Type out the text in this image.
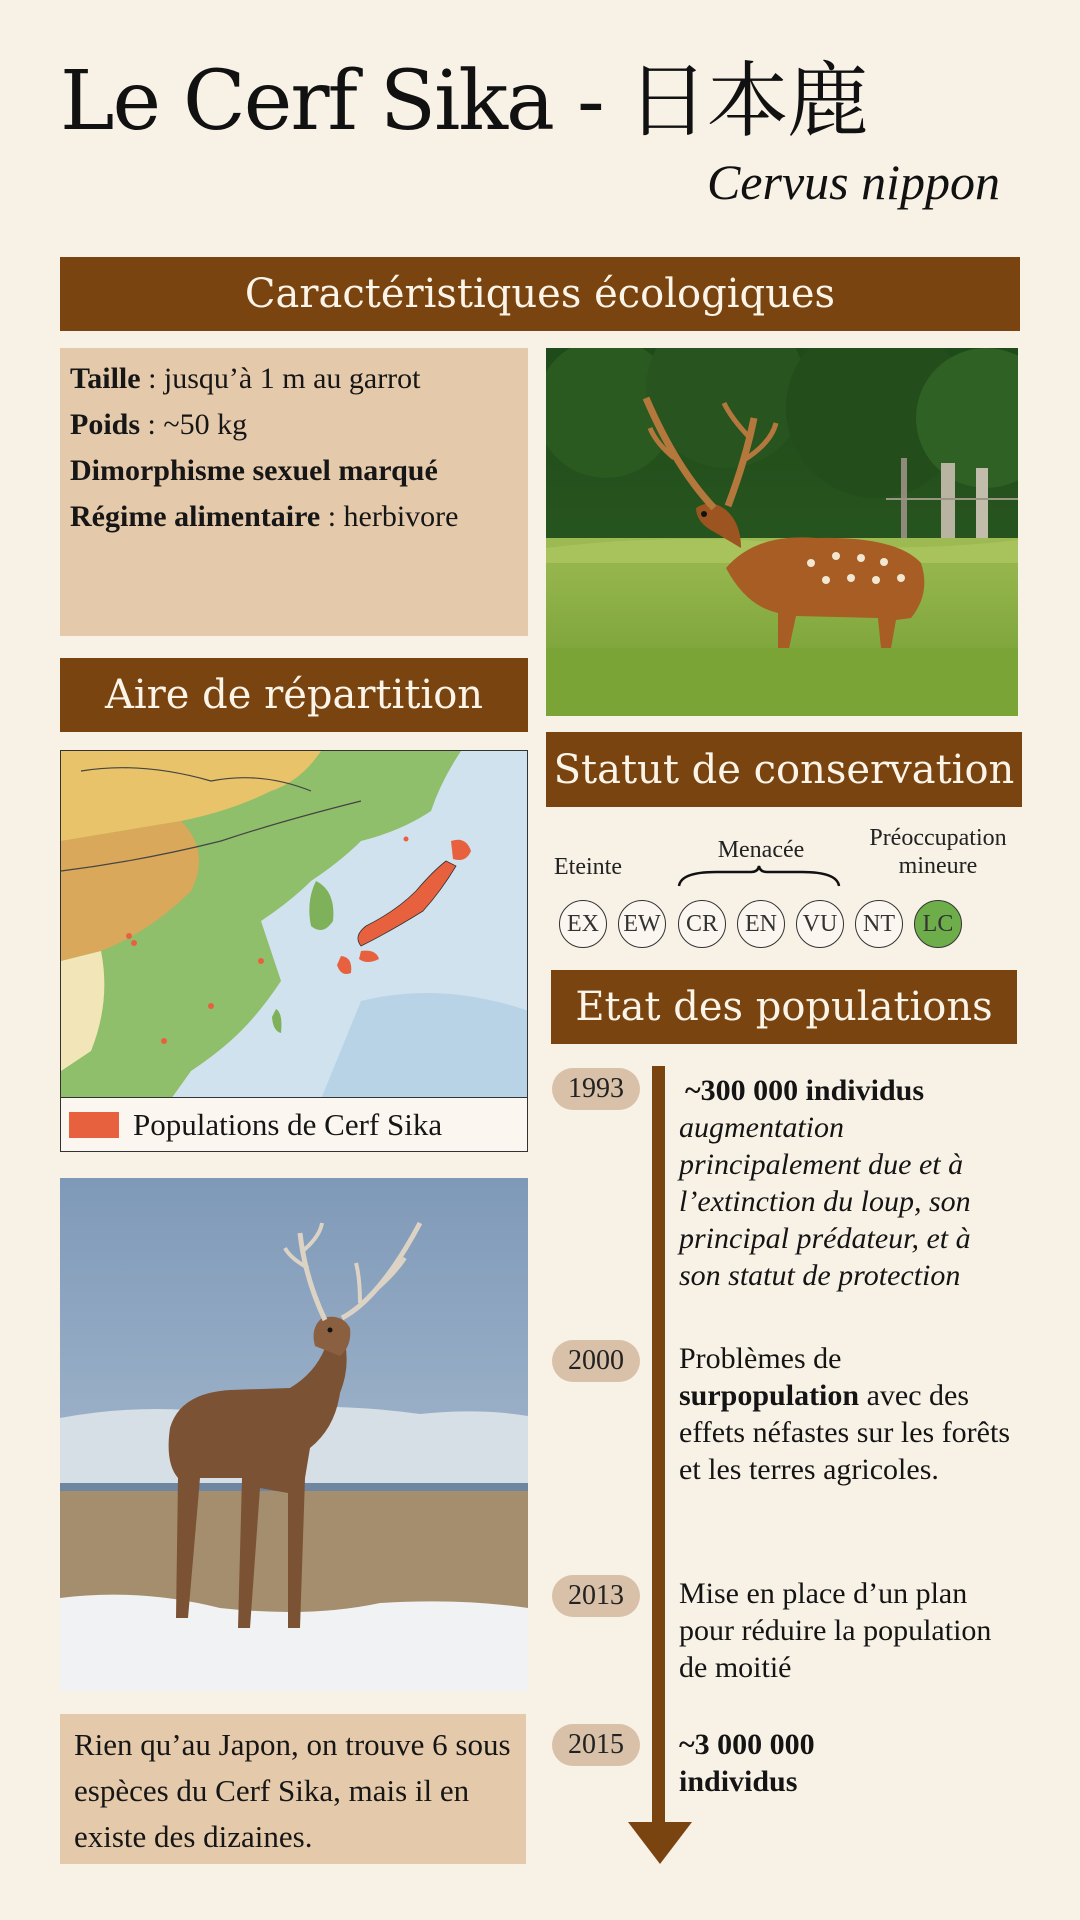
Le Cerf Sika - 日本鹿
Cervus nippon
Caractéristiques écologiques
Taille : jusqu’à 1 m au garrot
Poids : ~50 kg
Dimorphisme sexuel marqué
Régime alimentaire : herbivore
Aire de répartition
Populations de Cerf Sika
Rien qu’au Japon, on trouve 6 sous espèces du Cerf Sika, mais il en existe des dizaines.
Statut de conservation
Eteinte
Menacée	Préoccupation mineure
EX	EW	CR	EN	VU	NT	LC
Etat des populations
1993	~300 000 individus
augmentation principalement due et à l’extinction du loup, son principal prédateur, et à son statut de protection
2000	Problèmes de surpopulation avec des effets néfastes sur les forêts et les terres agricoles.
2013	Mise en place d’un plan pour réduire la population de moitié
2015	~3 000 000 individus
